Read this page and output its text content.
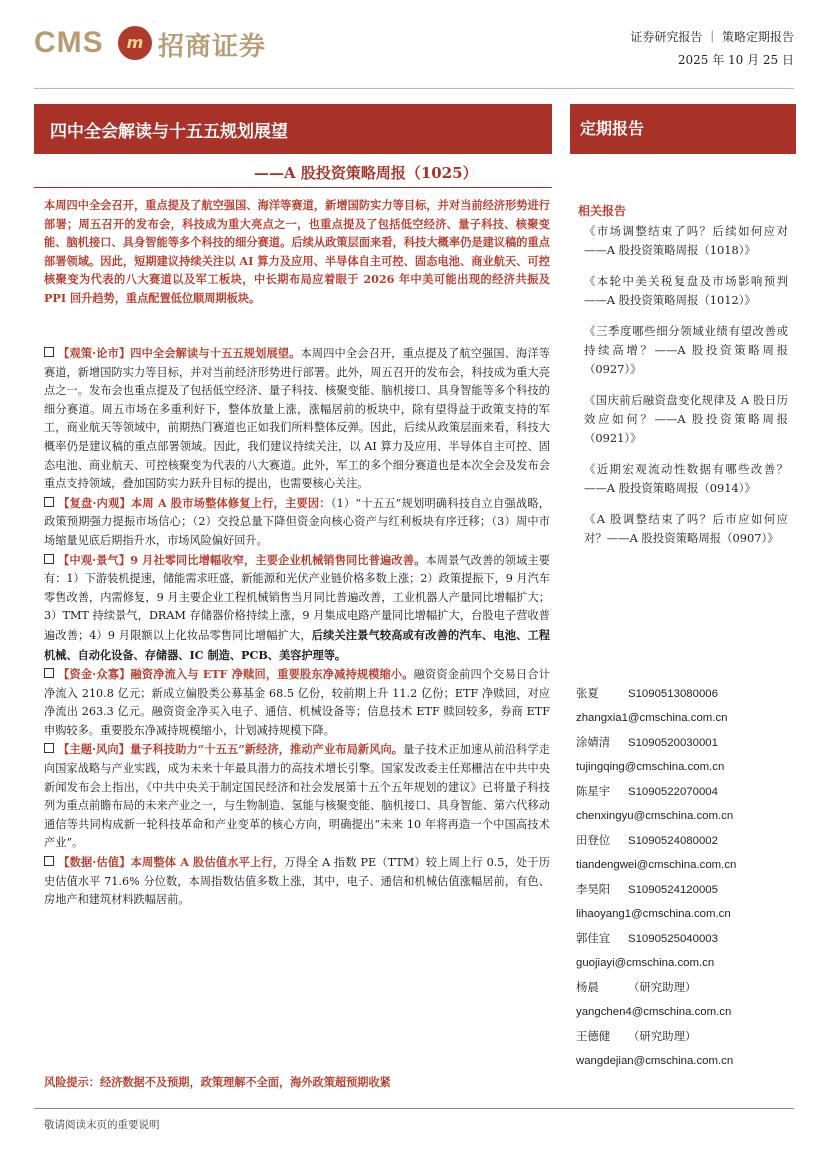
CMS	m 招商证券	证券研究报告 ｜ 策略定期报告
2025 年 10 月 25 日
四中全会解读与十五五规划展望
——A 股投资策略周报（1025）
定期报告
本周四中全会召开，重点提及了航空强国、海洋等赛道，新增国防实力等目标，并对当前经济形势进行部署；周五召开的发布会，科技成为重大亮点之一，也重点提及了包括低空经济、量子科技、核聚变能、脑机接口、具身智能等多个科技的细分赛道。后续从政策层面来看，科技大概率仍是建议稿的重点部署领域。因此，短期建议持续关注以 AI 算力及应用、半导体自主可控、固态电池、商业航天、可控核聚变为代表的八大赛道以及军工板块，中长期布局应着眼于 2026 年中美可能出现的经济共振及 PPI 回升趋势，重点配置低位顺周期板块。

【观策·论市】四中全会解读与十五五规划展望。本周四中全会召开，重点提及了航空强国、海洋等赛道，新增国防实力等目标，并对当前经济形势进行部署。此外，周五召开的发布会，科技成为重大亮点之一。发布会也重点提及了包括低空经济、量子科技、核聚变能、脑机接口、具身智能等多个科技的细分赛道。周五市场在多重利好下，整体放量上涨，涨幅居前的板块中，除有望得益于政策支持的军工，商业航天等领域中，前期热门赛道也正如我们所料整体反弹。因此，后续从政策层面来看，科技大概率仍是建议稿的重点部署领域。因此，我们建议持续关注，以 AI 算力及应用、半导体自主可控、固态电池、商业航天、可控核聚变为代表的八大赛道。此外，军工的多个细分赛道也是本次全会及发布会重点支持领域，叠加国防实力跃升目标的提出，也需要核心关注。

【复盘·内观】本周 A 股市场整体修复上行，主要因：（1）“十五五”规划明确科技自立自强战略，政策预期强力提振市场信心；（2）交投总量下降但资金向核心资产与红利板块有序迁移；（3）周中市场缩量见底后期指升水，市场风险偏好回升。

【中观·景气】9 月社零同比增幅收窄，主要企业机械销售同比普遍改善。本周景气改善的领域主要有：1）下游装机提速，储能需求旺盛，新能源和光伏产业链价格多数上涨；2）政策提振下，9 月汽车零售改善，内需修复，9 月主要企业工程机械销售当月同比普遍改善，工业机器人产量同比增幅扩大；3）TMT 持续景气，DRAM 存储器价格持续上涨，9 月集成电路产量同比增幅扩大，台股电子营收普遍改善；4）9 月限额以上化妆品零售同比增幅扩大，后续关注景气较高或有改善的汽车、电池、工程机械、自动化设备、存储器、IC 制造、PCB、美容护理等。

【资金·众寡】融资净流入与 ETF 净赎回，重要股东净减持规模缩小。融资资金前四个交易日合计净流入 210.8 亿元；新成立偏股类公募基金 68.5 亿份，较前期上升 11.2 亿份；ETF 净赎回，对应净流出 263.3 亿元。融资资金净买入电子、通信、机械设备等；信息技术 ETF 赎回较多，券商 ETF 申购较多。重要股东净减持规模缩小，计划减持规模下降。

【主题·风向】量子科技助力“十五五”新经济，推动产业布局新风向。量子技术正加速从前沿科学走向国家战略与产业实践，成为未来十年最具潜力的高技术增长引擎。国家发改委主任郑栅洁在中共中央新闻发布会上指出，《中共中央关于制定国民经济和社会发展第十五个五年规划的建议》已将量子科技列为重点前瞻布局的未来产业之一，与生物制造、氢能与核聚变能、脑机接口、具身智能、第六代移动通信等共同构成新一轮科技革命和产业变革的核心方向，明确提出“未来 10 年将再造一个中国高技术产业”。

【数据·估值】本周整体 A 股估值水平上行，万得全 A 指数 PE（TTM）较上周上行 0.5，处于历史估值水平 71.6% 分位数，本周指数估值多数上涨，其中，电子、通信和机械估值涨幅居前，有色、房地产和建筑材料跌幅居前。

风险提示：经济数据不及预期，政策理解不全面，海外政策超预期收紧
相关报告
《市场调整结束了吗？后续如何应对——A 股投资策略周报（1018）》
《本轮中美关税复盘及市场影响预判——A 股投资策略周报（1012）》
《三季度哪些细分领域业绩有望改善或持续高增？——A 股投资策略周报（0927）》
《国庆前后融资盘变化规律及 A 股日历效应如何？——A 股投资策略周报（0921）》
《近期宏观流动性数据有哪些改善？——A 股投资策略周报（0914）》
《A 股调整结束了吗？后市应如何应对？——A 股投资策略周报（0907）》
张夏	S1090513080006
zhangxia1@cmschina.com.cn
涂婧清 S1090520030001
tujingqing@cmschina.com.cn
陈星宇 S1090522070004
chenxingyu@cmschina.com.cn
田登位 S1090524080002
tiandengwei@cmschina.com.cn
李昊阳 S1090524120005
lihaoyang1@cmschina.com.cn
郭佳宜 S1090525040003
guojiayi@cmschina.com.cn
杨晨	（研究助理）
yangchen4@cmschina.com.cn
王德健 （研究助理）
wangdejian@cmschina.com.cn
敬请阅读末页的重要说明
